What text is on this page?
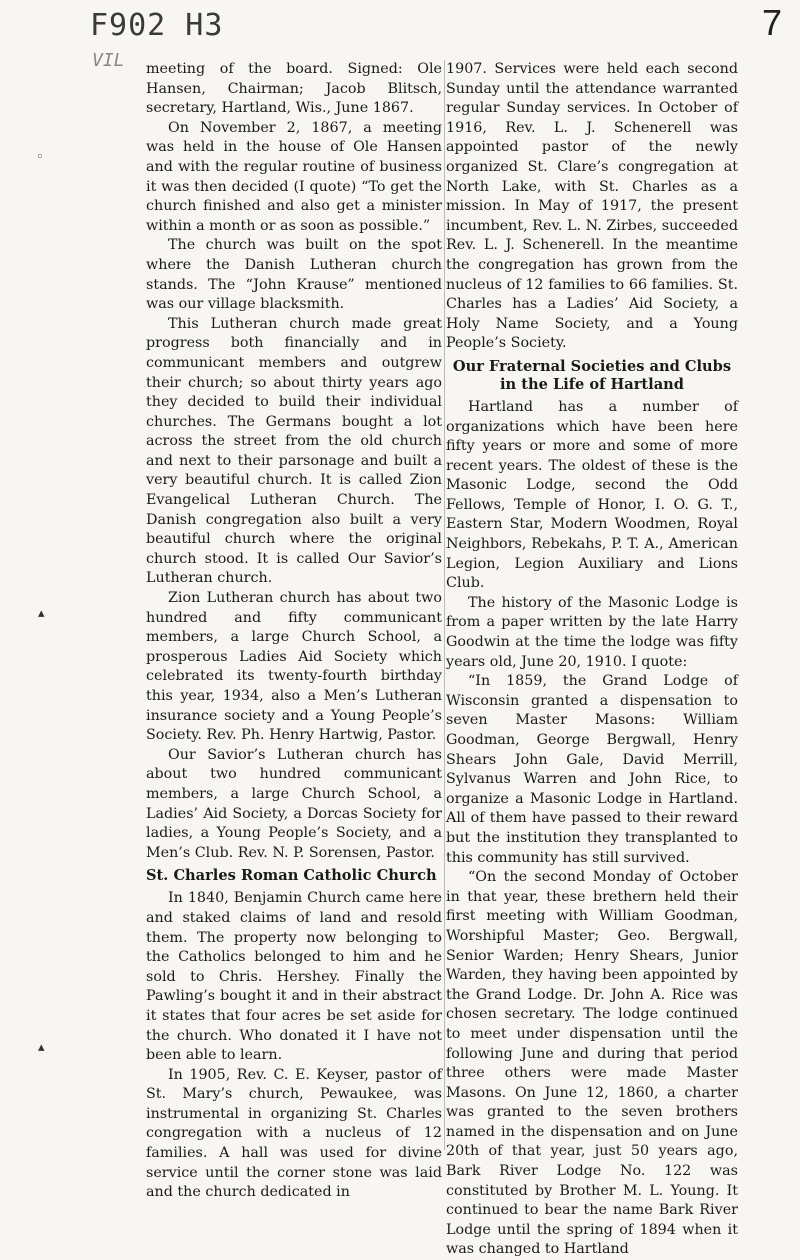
F902 H3
VIL
7
◦
▴
▴

meeting of the board. Signed: Ole Hansen, Chairman; Jacob Blitsch, secretary, Hartland, Wis., June 1867.

On November 2, 1867, a meeting was held in the house of Ole Hansen and with the regular routine of business it was then decided (I quote) “To get the church finished and also get a minister within a month or as soon as possible.”

The church was built on the spot where the Danish Lutheran church stands. The “John Krause” mentioned was our village blacksmith.

This Lutheran church made great progress both financially and in communicant members and outgrew their church; so about thirty years ago they decided to build their individual churches. The Germans bought a lot across the street from the old church and next to their parsonage and built a very beautiful church. It is called Zion Evangelical Lutheran Church. The Danish congregation also built a very beautiful church where the original church stood. It is called Our Savior’s Lutheran church.

Zion Lutheran church has about two hundred and fifty communicant members, a large Church School, a prosperous Ladies Aid Society which celebrated its twenty-fourth birthday this year, 1934, also a Men’s Lutheran insurance society and a Young People’s Society. Rev. Ph. Henry Hartwig, Pastor.

Our Savior’s Lutheran church has about two hundred communicant members, a large Church School, a Ladies’ Aid Society, a Dorcas Society for ladies, a Young People’s Society, and a Men’s Club. Rev. N. P. Sorensen, Pastor.

St. Charles Roman Catholic Church

In 1840, Benjamin Church came here and staked claims of land and resold them. The property now belonging to the Catholics belonged to him and he sold to Chris. Hershey. Finally the Pawling’s bought it and in their abstract it states that four acres be set aside for the church. Who donated it I have not been able to learn.

In 1905, Rev. C. E. Keyser, pastor of St. Mary’s church, Pewaukee, was instrumental in organizing St. Charles congregation with a nucleus of 12 families. A hall was used for divine service until the corner stone was laid and the church dedicated in

1907. Services were held each second Sunday until the attendance warranted regular Sunday services. In October of 1916, Rev. L. J. Schenerell was appointed pastor of the newly organized St. Clare’s congregation at North Lake, with St. Charles as a mission. In May of 1917, the present incumbent, Rev. L. N. Zirbes, succeeded Rev. L. J. Schenerell. In the meantime the congregation has grown from the nucleus of 12 families to 66 families. St. Charles has a Ladies’ Aid Society, a Holy Name Society, and a Young People’s Society.

Our Fraternal Societies and Clubs in the Life of Hartland

Hartland has a number of organizations which have been here fifty years or more and some of more recent years. The oldest of these is the Masonic Lodge, second the Odd Fellows, Temple of Honor, I. O. G. T., Eastern Star, Modern Woodmen, Royal Neighbors, Rebekahs, P. T. A., American Legion, Legion Auxiliary and Lions Club.

The history of the Masonic Lodge is from a paper written by the late Harry Goodwin at the time the lodge was fifty years old, June 20, 1910. I quote:

“In 1859, the Grand Lodge of Wisconsin granted a dispensation to seven Master Masons: William Goodman, George Bergwall, Henry Shears John Gale, David Merrill, Sylvanus Warren and John Rice, to organize a Masonic Lodge in Hartland. All of them have passed to their reward but the institution they transplanted to this community has still survived.

“On the second Monday of October in that year, these brethern held their first meeting with William Goodman, Worshipful Master; Geo. Bergwall, Senior Warden; Henry Shears, Junior Warden, they having been appointed by the Grand Lodge. Dr. John A. Rice was chosen secretary. The lodge continued to meet under dispensation until the following June and during that period three others were made Master Masons. On June 12, 1860, a charter was granted to the seven brothers named in the dispensation and on June 20th of that year, just 50 years ago, Bark River Lodge No. 122 was constituted by Brother M. L. Young. It continued to bear the name Bark River Lodge until the spring of 1894 when it was changed to Hartland
